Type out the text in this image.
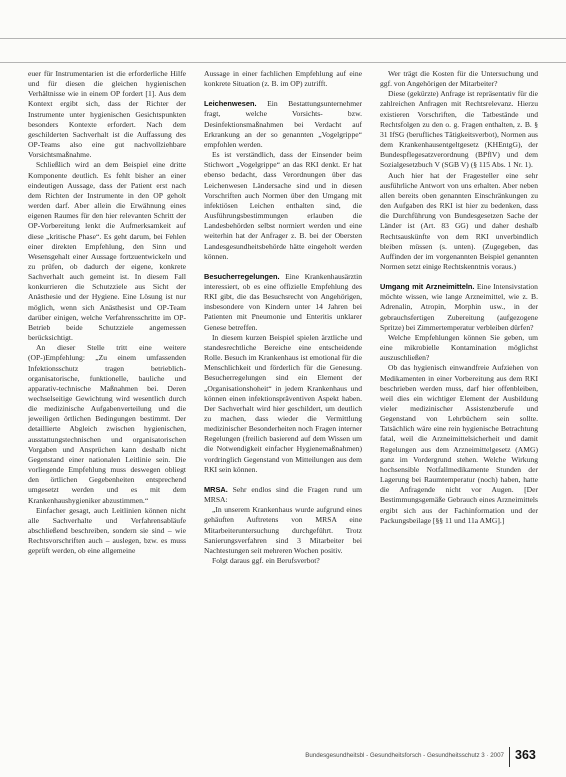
euer für Instrumentarien ist die erforderliche Hilfe und für diesen die gleichen hygienischen Verhältnisse wie in einem OP fordert [1]. Aus dem Kontext ergibt sich, dass der Richter der Instrumente unter hygienischen Gesichtspunkten besonders Kontexte erfordert. Nach dem geschilderten Sachverhalt ist die Auffassung des OP-Teams also eine gut nachvollziehbare Vorsichtsmaßnahme.

Schließlich wird an dem Beispiel eine dritte Komponente deutlich. Es fehlt bisher an einer eindeutigen Aussage, dass der Patient erst nach dem Richten der Instrumente in den OP geholt werden darf. Aber allein die Erwähnung eines eigenen Raumes für den hier relevanten Schritt der OP-Vorbereitung lenkt die Aufmerksamkeit auf diese „kritische Phase“. Es geht darum, bei Fehlen einer direkten Empfehlung, den Sinn und Wesensgehalt einer Aussage fortzuentwickeln und zu prüfen, ob dadurch der eigene, konkrete Sachverhalt auch gemeint ist. In diesem Fall konkurrieren die Schutzziele aus Sicht der Anästhesie und der Hygiene. Eine Lösung ist nur möglich, wenn sich Anästhesist und OP-Team darüber einigen, welche Verfahrensschritte im OP-Betrieb beide Schutzziele angemessen berücksichtigt.

An dieser Stelle tritt eine weitere (OP-)Empfehlung: „Zu einem umfassenden Infektionsschutz tragen betrieblich-organisatorische, funktionelle, bauliche und apparativ-technische Maßnahmen bei. Deren wechselseitige Gewichtung wird wesentlich durch die medizinische Aufgabenverteilung und die jeweiligen örtlichen Bedingungen bestimmt. Der detaillierte Abgleich zwischen hygienischen, ausstattungstechnischen und organisatorischen Vorgaben und Ansprüchen kann deshalb nicht Gegenstand einer nationalen Leitlinie sein. Die vorliegende Empfehlung muss deswegen obliegt den örtlichen Gegebenheiten entsprechend umgesetzt werden und es mit dem Krankenhaushygieniker abzustimmen.“

Einfacher gesagt, auch Leitlinien können nicht alle Sachverhalte und Verfahrensabläufe abschließend beschreiben, sondern sie sind – wie Rechtsvorschriften auch – auslegen, bzw. es muss geprüft werden, ob eine allgemeine

Aussage in einer fachlichen Empfehlung auf eine konkrete Situation (z. B. im OP) zutrifft.

Leichenwesen. Ein Bestattungsunternehmer fragt, welche Vorsichts- bzw. Desinfektionsmaßnahmen bei Verdacht auf Erkrankung an der so genannten „Vogelgrippe“ empfohlen werden.

Es ist verständlich, dass der Einsender beim Stichwort „Vogelgrippe“ an das RKI denkt. Er hat ebenso bedacht, dass Verordnungen über das Leichenwesen Ländersache sind und in diesen Vorschriften auch Normen über den Umgang mit infektiösen Leichen enthalten sind, die Ausführungsbestimmungen erlauben die Landesbehörden selbst normiert werden und eine weiterhin hat der Anfrager z. B. bei der Obersten Landesgesundheitsbehörde hätte eingeholt werden können.

Besucherregelungen. Eine Krankenhausärztin interessiert, ob es eine offizielle Empfehlung des RKI gibt, die das Besuchsrecht von Angehörigen, insbesondere von Kindern unter 14 Jahren bei Patienten mit Pneumonie und Enteritis unklarer Genese betreffen.

In diesem kurzen Beispiel spielen ärztliche und standesrechtliche Bereiche eine entscheidende Rolle. Besuch im Krankenhaus ist emotional für die Menschlichkeit und förderlich für die Genesung. Besucherregelungen sind ein Element der „Organisationshoheit“ in jedem Krankenhaus und können einen infektionspräventiven Aspekt haben. Der Sachverhalt wird hier geschildert, um deutlich zu machen, dass wieder die Vermittlung medizinischer Besonderheiten noch Fragen interner Regelungen (freilich basierend auf dem Wissen um die Notwendigkeit einfacher Hygienemaßnahmen) vordringlich Gegenstand von Mitteilungen aus dem RKI sein können.

MRSA. Sehr endlos sind die Fragen rund um MRSA:

„In unserem Krankenhaus wurde aufgrund eines gehäuften Auftretens von MRSA eine Mitarbeiteruntersuchung durchgeführt. Trotz Sanierungsverfahren sind 3 Mitarbeiter bei Nachtestungen seit mehreren Wochen positiv.

Folgt daraus ggf. ein Berufsverbot?

Wer trägt die Kosten für die Untersuchung und ggf. von Angehörigen der Mitarbeiter?

Diese (gekürzte) Anfrage ist repräsentativ für die zahlreichen Anfragen mit Rechtsrelevanz. Hierzu existieren Vorschriften, die Tatbestände und Rechtsfolgen zu den o. g. Fragen enthalten, z. B. § 31 IfSG (berufliches Tätigkeitsverbot), Normen aus dem Krankenhausentgeltgesetz (KHEntgG), der Bundespflegesatzverordnung (BPflV) und dem Sozialgesetzbuch V (SGB V) (§ 115 Abs. 1 Nr. 1).

Auch hier hat der Fragesteller eine sehr ausführliche Antwort von uns erhalten. Aber neben allen bereits oben genannten Einschränkungen zu den Aufgaben des RKI ist hier zu bedenken, dass die Durchführung von Bundesgesetzen Sache der Länder ist (Art. 83 GG) und daher deshalb Rechtsauskünfte von dem RKI unverbindlich bleiben müssen (s. unten). (Zugegeben, das Auffinden der im vorgenannten Beispiel genannten Normen setzt einige Rechtskenntnis voraus.)

Umgang mit Arzneimitteln. Eine Intensivstation möchte wissen, wie lange Arzneimittel, wie z. B. Adrenalin, Atropin, Morphin usw., in der gebrauchsfertigen Zubereitung (aufgezogene Spritze) bei Zimmertemperatur verbleiben dürfen?

Welche Empfehlungen können Sie geben, um eine mikrobielle Kontamination möglichst auszuschließen?

Ob das hygienisch einwandfreie Aufziehen von Medikamenten in einer Vorbereitung aus dem RKI beschrieben werden muss, darf hier offenbleiben, weil dies ein wichtiger Element der Ausbildung vieler medizinischer Assistenzberufe und Gegenstand von Lehrbüchern sein sollte. Tatsächlich wäre eine rein hygienische Betrachtung fatal, weil die Arzneimittelsicherheit und damit Regelungen aus dem Arzneimittelgesetz (AMG) ganz im Vordergrund stehen. Welche Wirkung hochsensible Notfallmedikamente Stunden der Lagerung bei Raumtemperatur (noch) haben, hatte die Anfragende nicht vor Augen. [Der Bestimmungsgemäße Gebrauch eines Arzneimittels ergibt sich aus der Fachinformation und der Packungsbeilage [§§ 11 und 11a AMG].]

Bundesgesundheitsbl - Gesundheitsforsch - Gesundheitsschutz 3 · 2007 363
